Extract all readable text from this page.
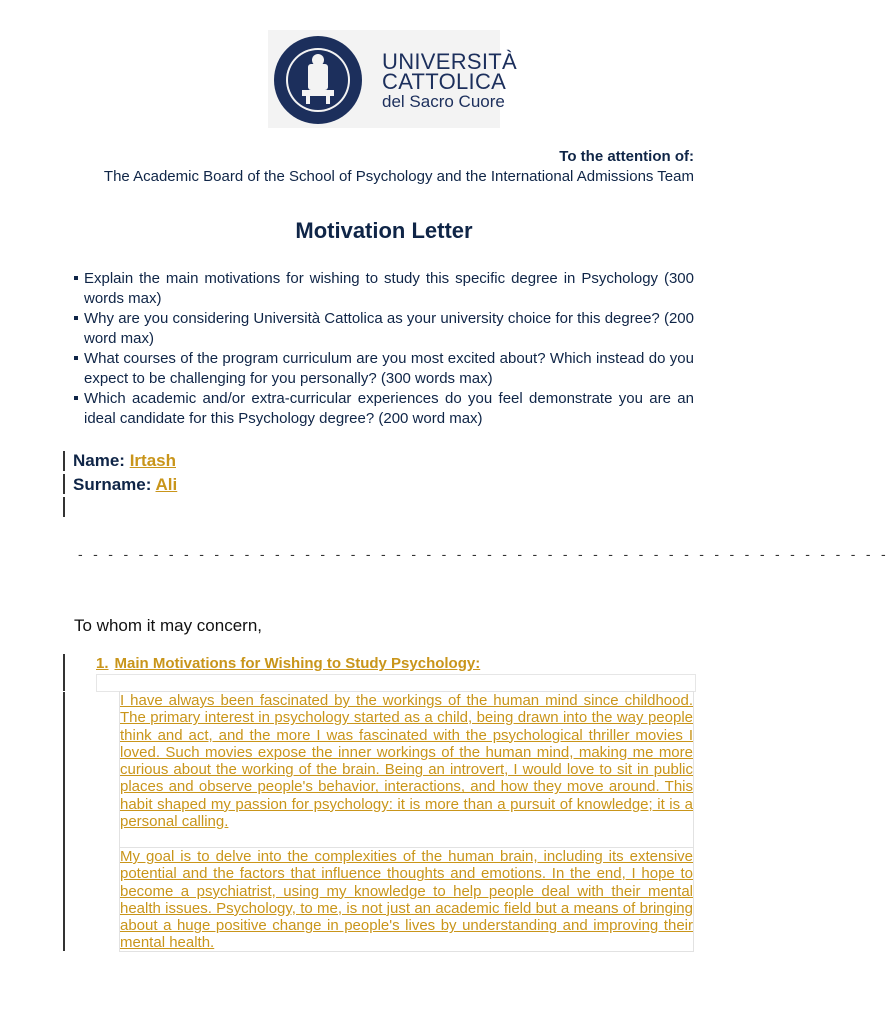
UNIVERSITÀ
CATTOLICA
del Sacro Cuore
To the attention of:
The Academic Board of the School of Psychology and the International Admissions Team
Motivation Letter
Explain the main motivations for wishing to study this specific degree in Psychology (300 words max)
Why are you considering Università Cattolica as your university choice for this degree? (200 word max)
What courses of the program curriculum are you most excited about? Which instead do you expect to be challenging for you personally? (300 words max)
Which academic and/or extra-curricular experiences do you feel demonstrate you are an ideal candidate for this Psychology degree? (200 word max)
Name: Irtash
Surname: Ali
- - - - - - - - - - - - - - - - - - - - - - - - - - - - - - - - - - - - - - - - - - - - - - - - - - - - - -
To whom it may concern,
1. Main Motivations for Wishing to Study Psychology:
I have always been fascinated by the workings of the human mind since childhood. The primary interest in psychology started as a child, being drawn into the way people think and act, and the more I was fascinated with the psychological thriller movies I loved. Such movies expose the inner workings of the human mind, making me more curious about the working of the brain. Being an introvert, I would love to sit in public places and observe people's behavior, interactions, and how they move around. This habit shaped my passion for psychology: it is more than a pursuit of knowledge; it is a personal calling.
My goal is to delve into the complexities of the human brain, including its extensive potential and the factors that influence thoughts and emotions. In the end, I hope to become a psychiatrist, using my knowledge to help people deal with their mental health issues. Psychology, to me, is not just an academic field but a means of bringing about a huge positive change in people's lives by understanding and improving their mental health.
